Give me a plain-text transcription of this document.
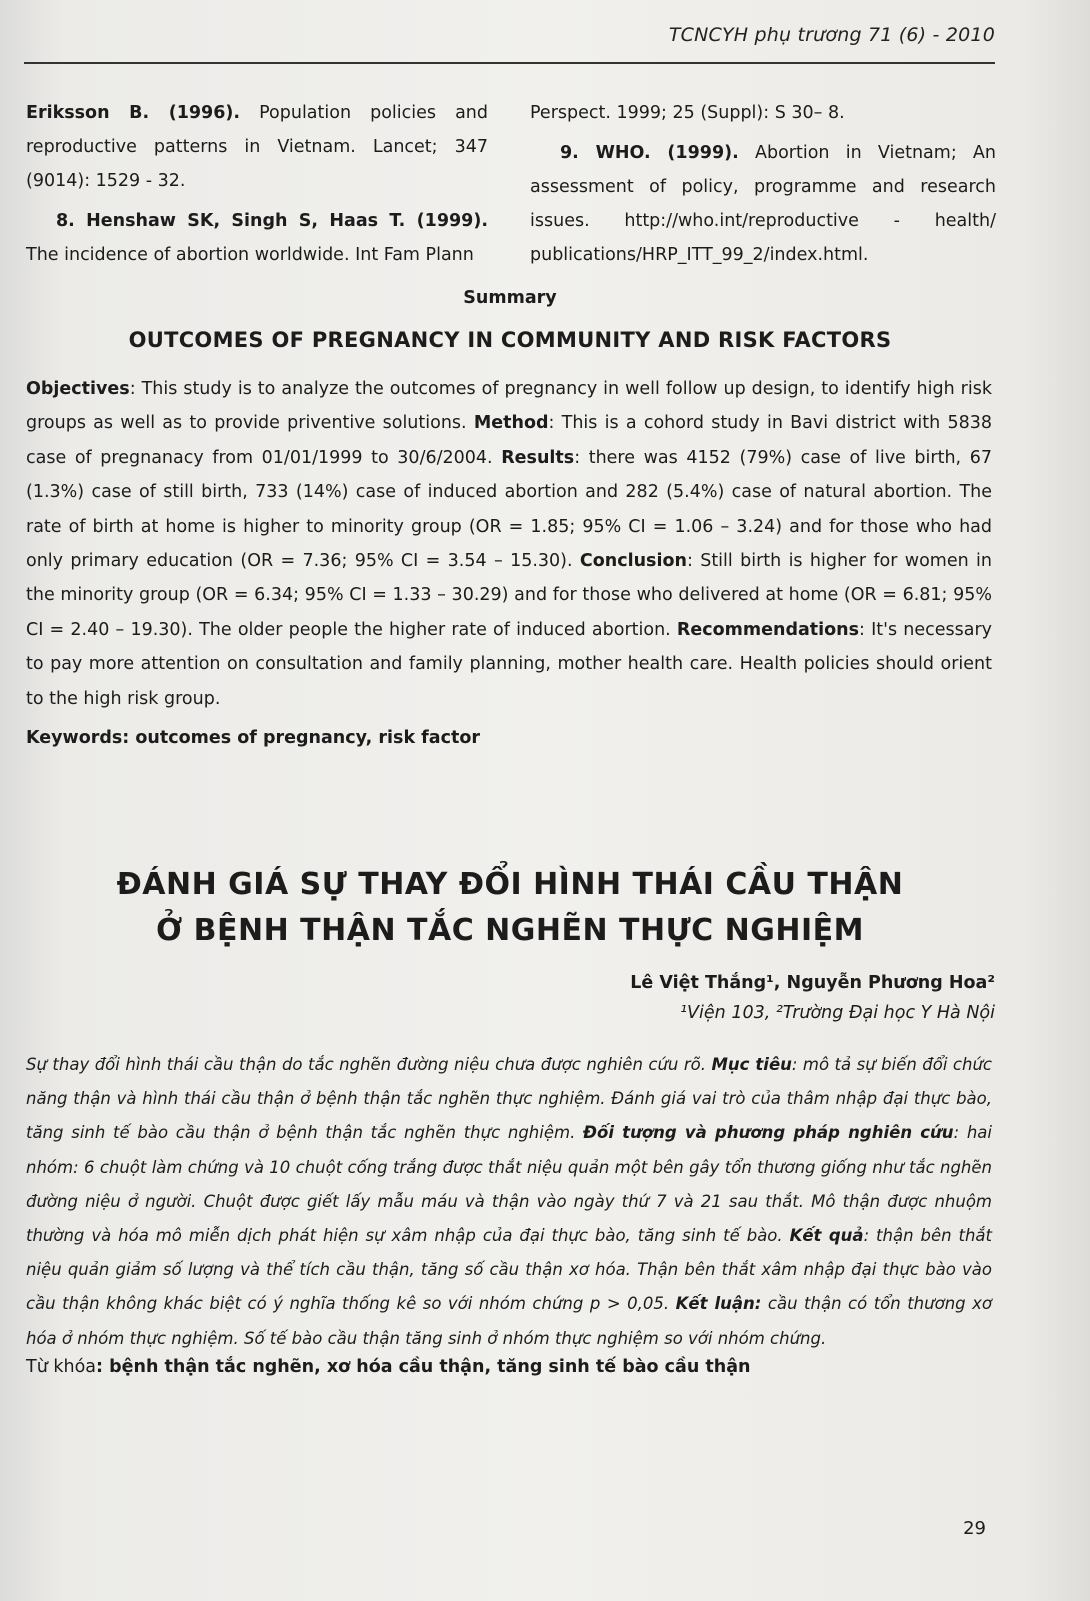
TCNCYH phụ trương 71 (6) - 2010

Eriksson B. (1996). Population policies and reproductive patterns in Vietnam. Lancet; 347 (9014): 1529 - 32.

8. Henshaw SK, Singh S, Haas T. (1999). The incidence of abortion worldwide. Int Fam Plann

Perspect. 1999; 25 (Suppl): S 30– 8.

9. WHO. (1999). Abortion in Vietnam; An assessment of policy, programme and research issues. http://who.int/reproductive - health/ publications/HRP_ITT_99_2/index.html.

Summary
OUTCOMES OF PREGNANCY IN COMMUNITY AND RISK FACTORS

Objectives: This study is to analyze the outcomes of pregnancy in well follow up design, to identify high risk groups as well as to provide priventive solutions. Method: This is a cohord study in Bavi district with 5838 case of pregnanacy from 01/01/1999 to 30/6/2004. Results: there was 4152 (79%) case of live birth, 67 (1.3%) case of still birth, 733 (14%) case of induced abortion and 282 (5.4%) case of natural abortion. The rate of birth at home is higher to minority group (OR = 1.85; 95% CI = 1.06 – 3.24) and for those who had only primary education (OR = 7.36; 95% CI = 3.54 – 15.30). Conclusion: Still birth is higher for women in the minority group (OR = 6.34; 95% CI = 1.33 – 30.29) and for those who delivered at home (OR = 6.81; 95% CI = 2.40 – 19.30). The older people the higher rate of induced abortion. Recommendations: It's necessary to pay more attention on consultation and family planning, mother health care. Health policies should orient to the high risk group.

Keywords: outcomes of pregnancy, risk factor
ĐÁNH GIÁ SỰ THAY ĐỔI HÌNH THÁI CẦU THẬN
Ở BỆNH THẬN TẮC NGHẼN THỰC NGHIỆM
Lê Việt Thắng¹, Nguyễn Phương Hoa²
¹Viện 103, ²Trường Đại học Y Hà Nội

Sự thay đổi hình thái cầu thận do tắc nghẽn đường niệu chưa được nghiên cứu rõ. Mục tiêu: mô tả sự biến đổi chức năng thận và hình thái cầu thận ở bệnh thận tắc nghẽn thực nghiệm. Đánh giá vai trò của thâm nhập đại thực bào, tăng sinh tế bào cầu thận ở bệnh thận tắc nghẽn thực nghiệm. Đối tượng và phương pháp nghiên cứu: hai nhóm: 6 chuột làm chứng và 10 chuột cống trắng được thắt niệu quản một bên gây tổn thương giống như tắc nghẽn đường niệu ở người. Chuột được giết lấy mẫu máu và thận vào ngày thứ 7 và 21 sau thắt. Mô thận được nhuộm thường và hóa mô miễn dịch phát hiện sự xâm nhập của đại thực bào, tăng sinh tế bào. Kết quả: thận bên thắt niệu quản giảm số lượng và thể tích cầu thận, tăng số cầu thận xơ hóa. Thận bên thắt xâm nhập đại thực bào vào cầu thận không khác biệt có ý nghĩa thống kê so với nhóm chứng p > 0,05. Kết luận: cầu thận có tổn thương xơ hóa ở nhóm thực nghiệm. Số tế bào cầu thận tăng sinh ở nhóm thực nghiệm so với nhóm chứng.

Từ khóa: bệnh thận tắc nghẽn, xơ hóa cầu thận, tăng sinh tế bào cầu thận
29
